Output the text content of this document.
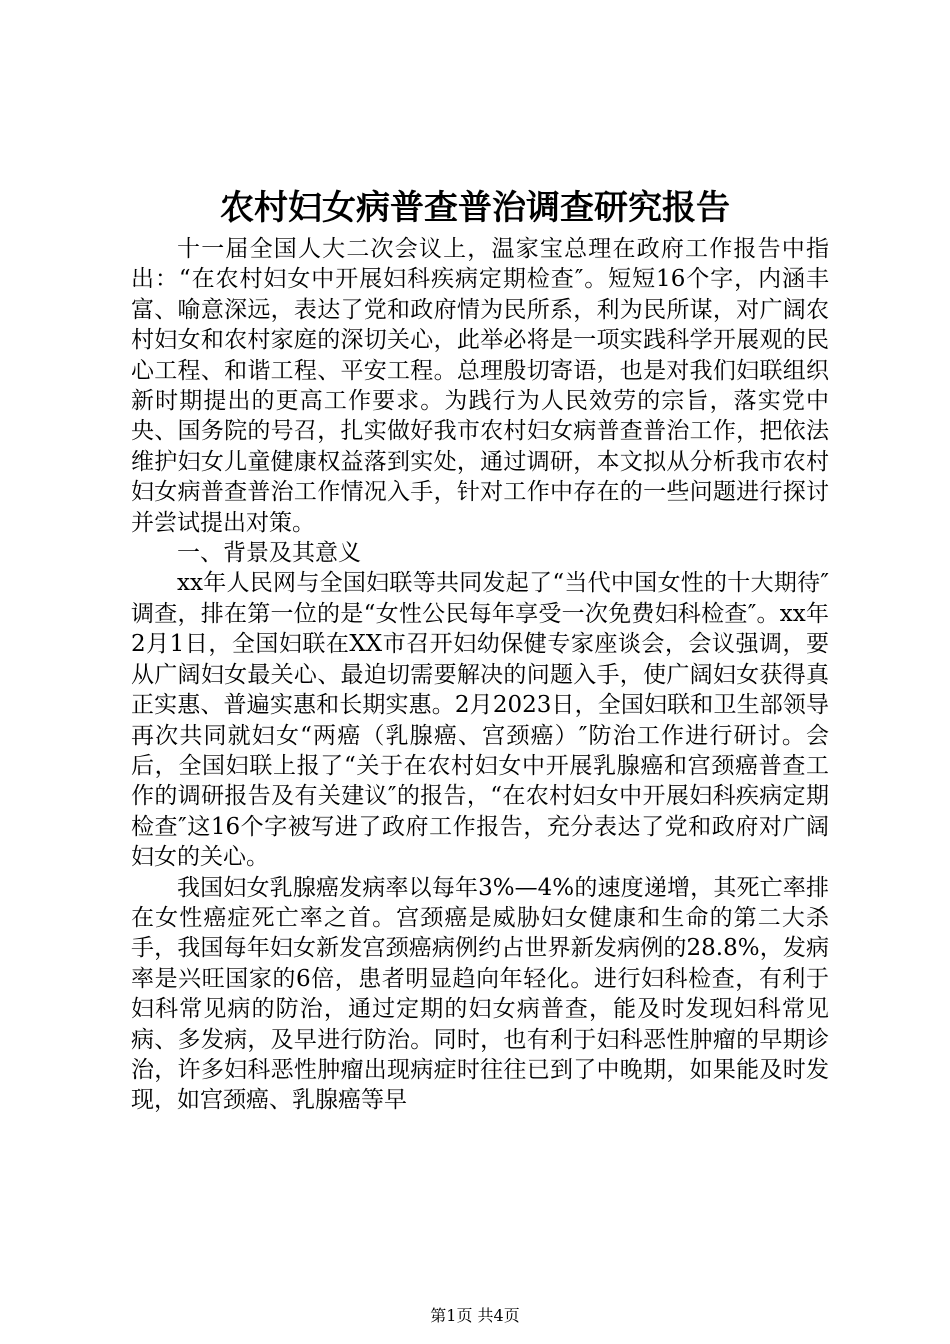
农村妇女病普查普治调查研究报告

十一届全国人大二次会议上，温家宝总理在政府工作报告中指出：“在农村妇女中开展妇科疾病定期检查″。短短16个字，内涵丰富、喻意深远，表达了党和政府情为民所系，利为民所谋，对广阔农村妇女和农村家庭的深切关心，此举必将是一项实践科学开展观的民心工程、和谐工程、平安工程。总理殷切寄语，也是对我们妇联组织新时期提出的更高工作要求。为践行为人民效劳的宗旨，落实党中央、国务院的号召，扎实做好我市农村妇女病普查普治工作，把依法维护妇女儿童健康权益落到实处，通过调研，本文拟从分析我市农村妇女病普查普治工作情况入手，针对工作中存在的一些问题进行探讨并尝试提出对策。

一、背景及其意义

xx年人民网与全国妇联等共同发起了“当代中国女性的十大期待″调查，排在第一位的是“女性公民每年享受一次免费妇科检查″。xx年2月1日，全国妇联在XX市召开妇幼保健专家座谈会，会议强调，要从广阔妇女最关心、最迫切需要解决的问题入手，使广阔妇女获得真正实惠、普遍实惠和长期实惠。2月2023日，全国妇联和卫生部领导再次共同就妇女“两癌（乳腺癌、宫颈癌）″防治工作进行研讨。会后，全国妇联上报了“关于在农村妇女中开展乳腺癌和宫颈癌普查工作的调研报告及有关建议″的报告，“在农村妇女中开展妇科疾病定期检查″这16个字被写进了政府工作报告，充分表达了党和政府对广阔妇女的关心。

我国妇女乳腺癌发病率以每年3%—4%的速度递增，其死亡率排在女性癌症死亡率之首。宫颈癌是威胁妇女健康和生命的第二大杀手，我国每年妇女新发宫颈癌病例约占世界新发病例的28.8%，发病率是兴旺国家的6倍，患者明显趋向年轻化。进行妇科检查，有利于妇科常见病的防治，通过定期的妇女病普查，能及时发现妇科常见病、多发病，及早进行防治。同时，也有利于妇科恶性肿瘤的早期诊治，许多妇科恶性肿瘤出现病症时往往已到了中晚期，如果能及时发现，如宫颈癌、乳腺癌等早

第1页 共4页
